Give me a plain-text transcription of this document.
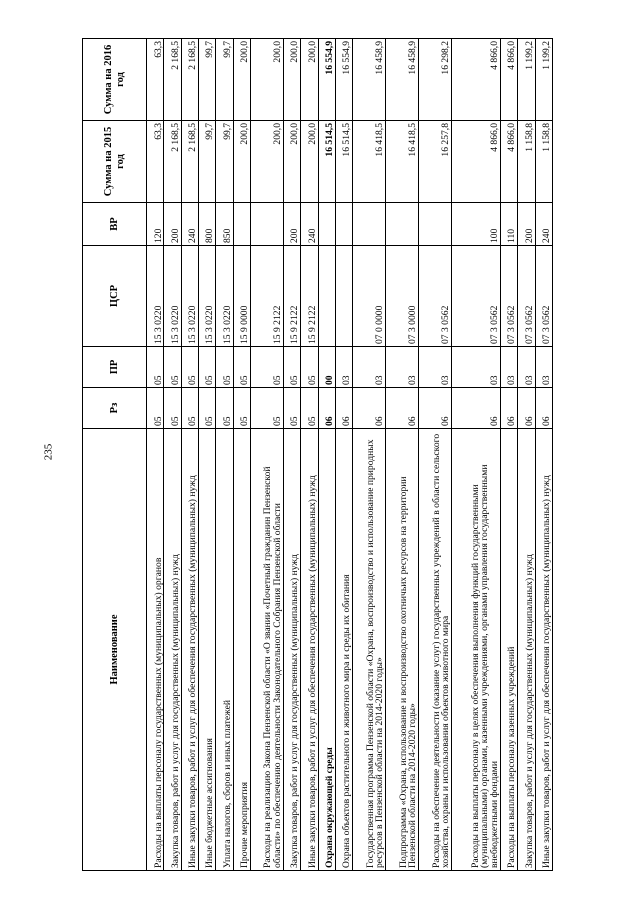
235
Наименование	Рз	ПР	ЦСР	ВР	Сумма на 2015 год	Сумма на 2016 год
Расходы на выплаты персоналу государственных (муниципальных) органов	05	05	15 3 0220	120	63,3	63,3
Закупка товаров, работ и услуг для государственных (муниципальных) нужд	05	05	15 3 0220	200	2 168,5	2 168,5
Иные закупки товаров, работ и услуг для обеспечения государственных (муниципальных) нужд	05	05	15 3 0220	240	2 168,5	2 168,5
Иные бюджетные ассигнования	05	05	15 3 0220	800	99,7	99,7
Уплата налогов, сборов и иных платежей	05	05	15 3 0220	850	99,7	99,7
Прочие мероприятия	05	05	15 9 0000		200,0	200,0
Расходы на реализацию Закона Пензенской области «О звании «Почетный гражданин Пензенской области» по обеспечению деятельности Законодательного Собрания Пензенской области	05	05	15 9 2122		200,0	200,0
Закупка товаров, работ и услуг для государственных (муниципальных) нужд	05	05	15 9 2122	200	200,0	200,0
Иные закупки товаров, работ и услуг для обеспечения государственных (муниципальных) нужд	05	05	15 9 2122	240	200,0	200,0
Охрана окружающей среды	06	00			16 514,5	16 554,9
Охрана объектов растительного и животного мира и среды их обитания	06	03			16 514,5	16 554,9
Государственная программа Пензенской области «Охрана, воспроизводство и использование природных ресурсов в Пензенской области на 2014-2020 годы»	06	03	07 0 0000		16 418,5	16 458,9
Подпрограмма «Охрана, использование и воспроизводство охотничьих ресурсов на территории Пензенской области на 2014-2020 годы»	06	03	07 3 0000		16 418,5	16 458,9
Расходы на обеспечение деятельности (оказание услуг) государственных учреждений в области сельского хозяйства, охраны и использования объектов животного мира	06	03	07 3 0562		16 257,8	16 298,2
Расходы на выплаты персоналу в целях обеспечения выполнения функций государственными (муниципальными) органами, казенными учреждениями, органами управления государственными внебюджетными фондами	06	03	07 3 0562	100	4 866,0	4 866,0
Расходы на выплаты персоналу казенных учреждений	06	03	07 3 0562	110	4 866,0	4 866,0
Закупка товаров, работ и услуг для государственных (муниципальных) нужд	06	03	07 3 0562	200	1 158,8	1 199,2
Иные закупки товаров, работ и услуг для обеспечения государственных (муниципальных) нужд	06	03	07 3 0562	240	1 158,8	1 199,2
